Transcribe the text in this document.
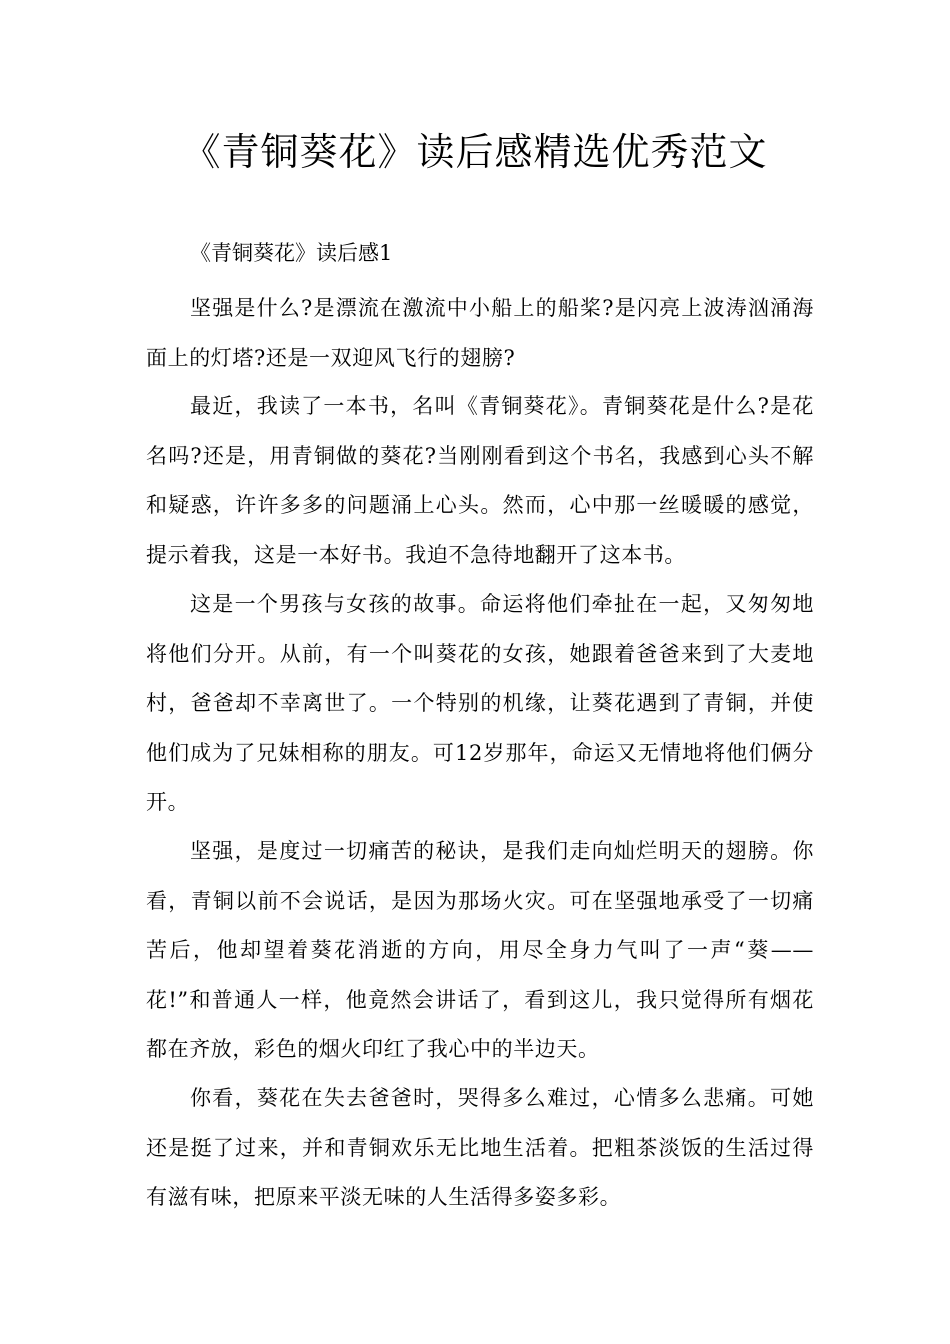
《青铜葵花》读后感精选优秀范文

《青铜葵花》读后感1

坚强是什么?是漂流在激流中小船上的船桨?是闪亮上波涛汹涌海面上的灯塔?还是一双迎风飞行的翅膀?

最近，我读了一本书，名叫《青铜葵花》。青铜葵花是什么?是花名吗?还是，用青铜做的葵花?当刚刚看到这个书名，我感到心头不解和疑惑，许许多多的问题涌上心头。然而，心中那一丝暖暖的感觉，提示着我，这是一本好书。我迫不急待地翻开了这本书。

这是一个男孩与女孩的故事。命运将他们牵扯在一起，又匆匆地将他们分开。从前，有一个叫葵花的女孩，她跟着爸爸来到了大麦地村，爸爸却不幸离世了。一个特别的机缘，让葵花遇到了青铜，并使他们成为了兄妹相称的朋友。可12岁那年，命运又无情地将他们俩分开。

坚强，是度过一切痛苦的秘诀，是我们走向灿烂明天的翅膀。你看，青铜以前不会说话，是因为那场火灾。可在坚强地承受了一切痛苦后，他却望着葵花消逝的方向，用尽全身力气叫了一声“葵——花!”和普通人一样，他竟然会讲话了，看到这儿，我只觉得所有烟花都在齐放，彩色的烟火印红了我心中的半边天。

你看，葵花在失去爸爸时，哭得多么难过，心情多么悲痛。可她还是挺了过来，并和青铜欢乐无比地生活着。把粗茶淡饭的生活过得有滋有味，把原来平淡无味的人生活得多姿多彩。
